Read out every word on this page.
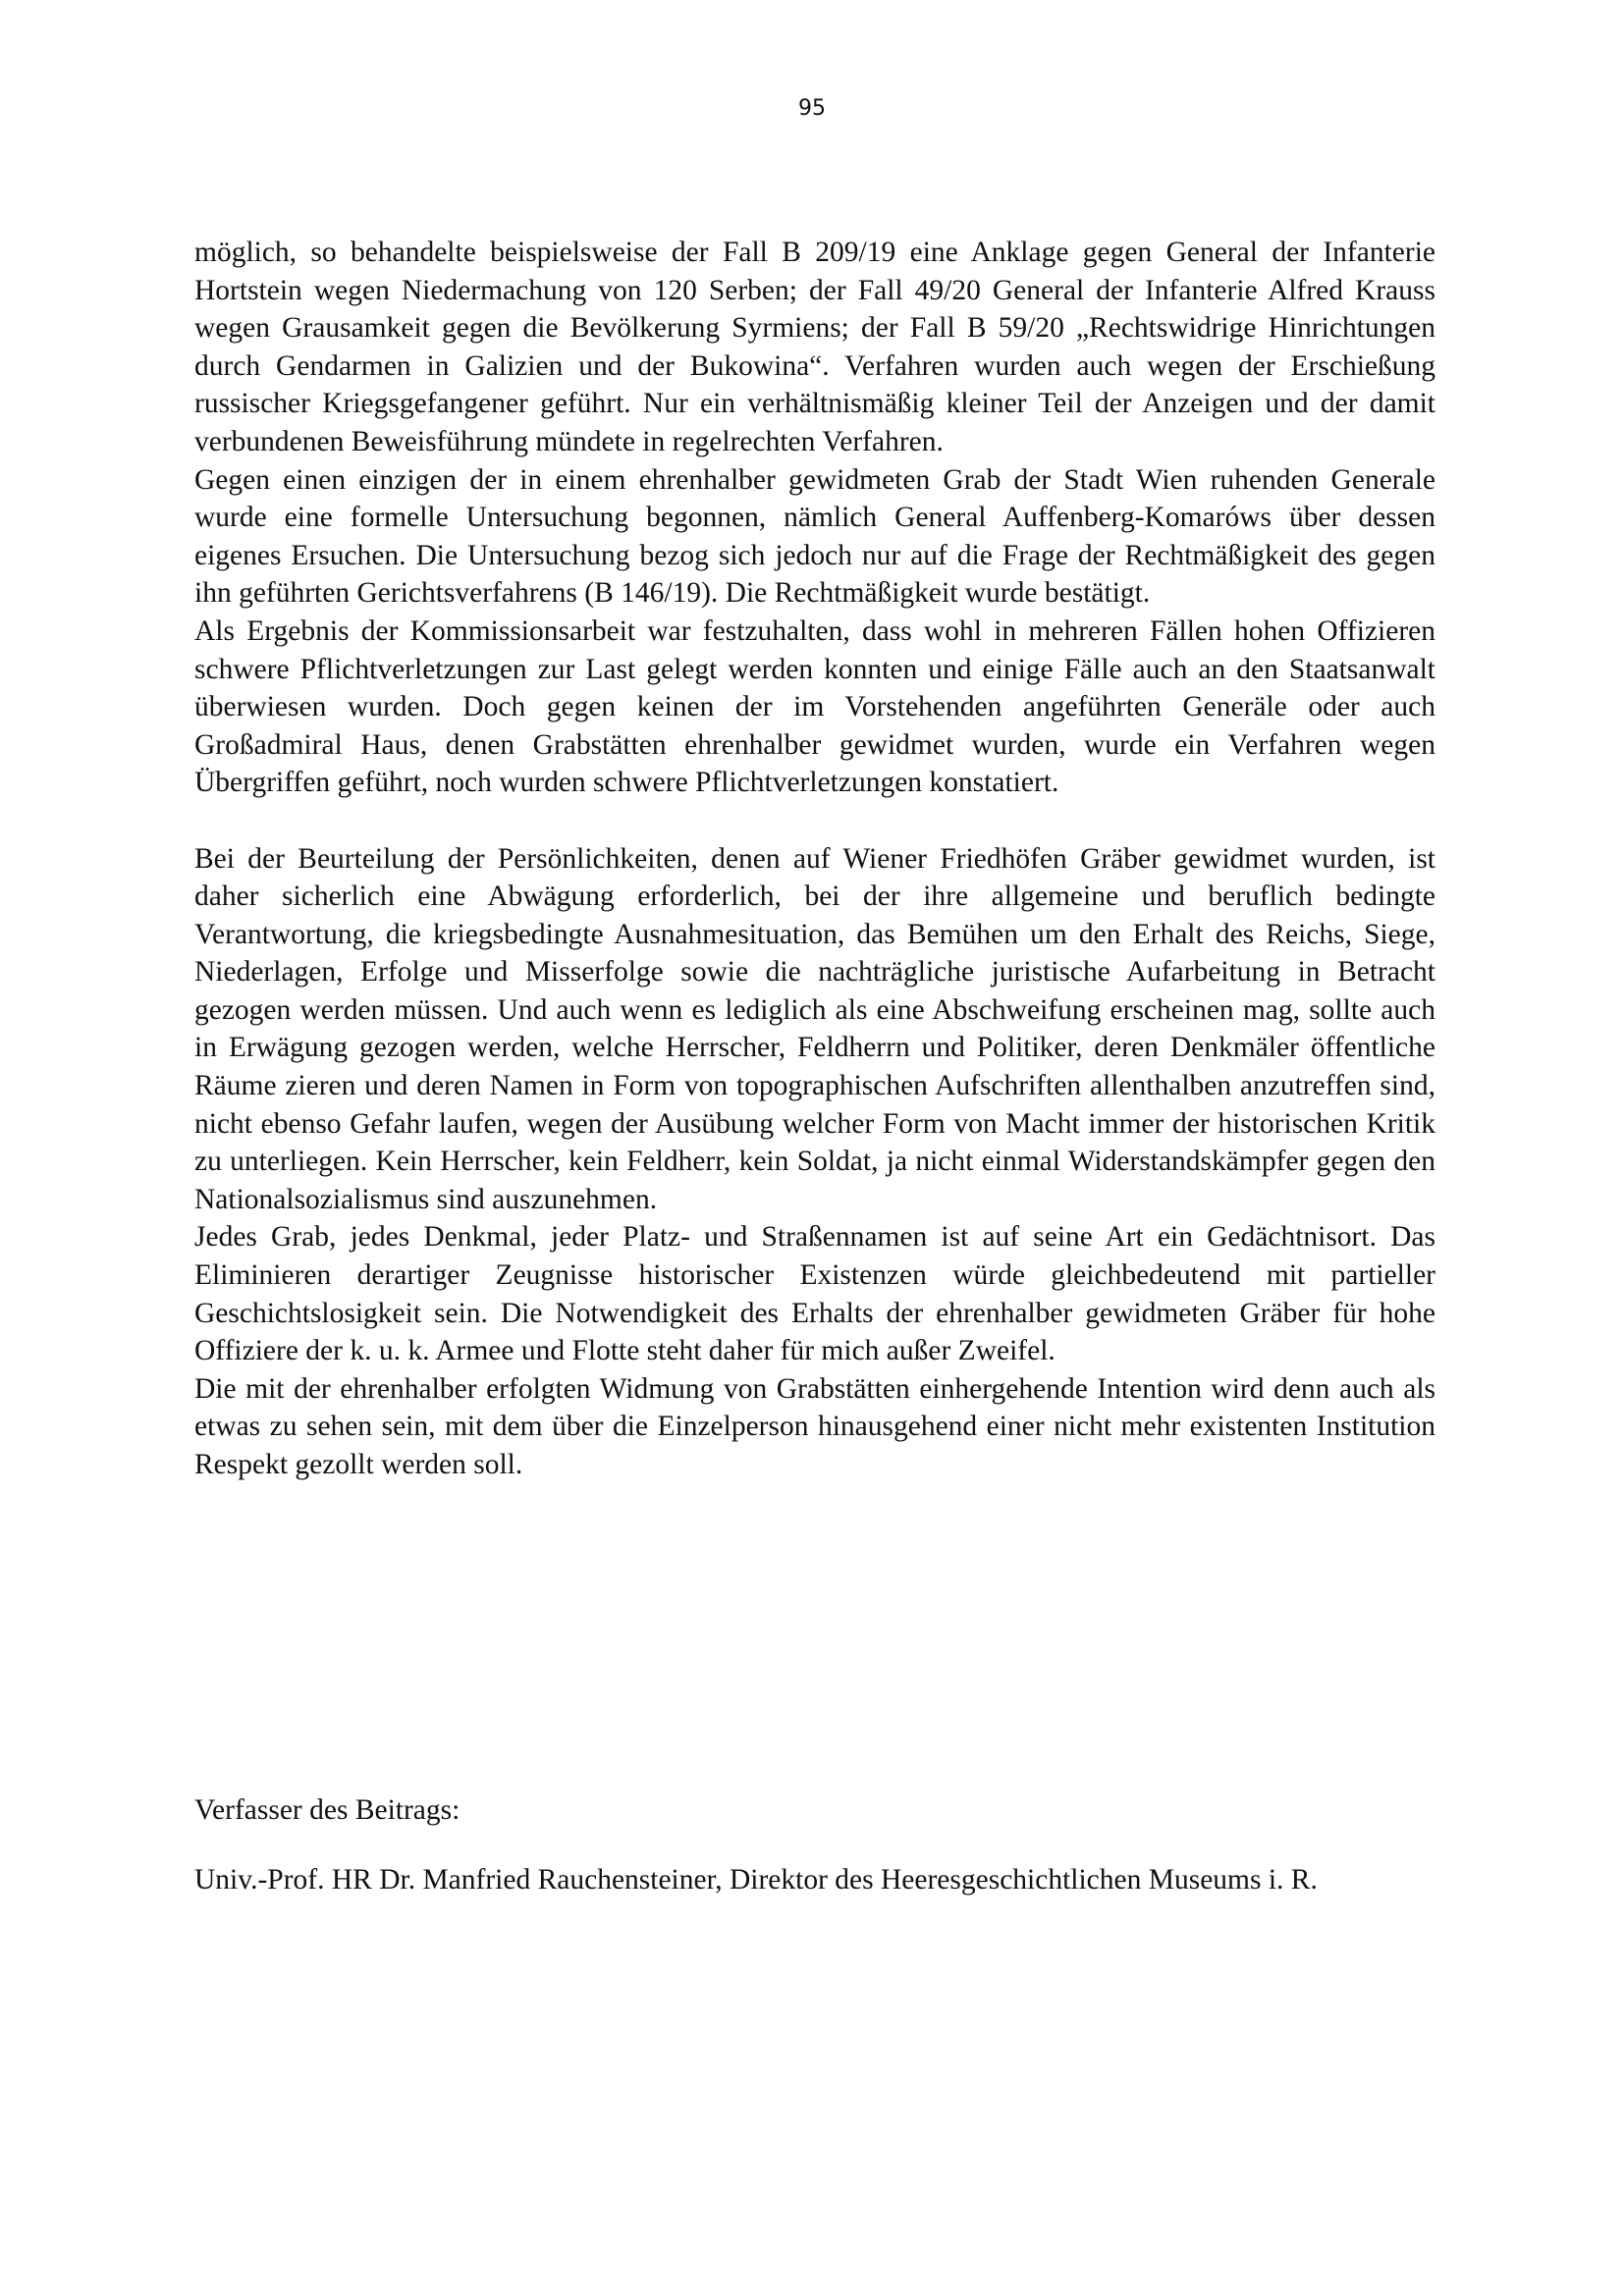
95

möglich, so behandelte beispielsweise der Fall B 209/19 eine Anklage gegen General der Infanterie Hortstein wegen Niedermachung von 120 Serben; der Fall 49/20 General der Infanterie Alfred Krauss wegen Grausamkeit gegen die Bevölkerung Syrmiens; der Fall B 59/20 „Rechtswidrige Hinrichtungen durch Gendarmen in Galizien und der Bukowina“. Verfahren wurden auch wegen der Erschießung russischer Kriegsgefangener geführt. Nur ein verhältnismäßig kleiner Teil der Anzeigen und der damit verbundenen Beweisführung mündete in regelrechten Verfahren.

Gegen einen einzigen der in einem ehrenhalber gewidmeten Grab der Stadt Wien ruhenden Generale wurde eine formelle Untersuchung begonnen, nämlich General Auffenberg-Komaróws über dessen eigenes Ersuchen. Die Untersuchung bezog sich jedoch nur auf die Frage der Rechtmäßigkeit des gegen ihn geführten Gerichtsverfahrens (B 146/19). Die Rechtmäßigkeit wurde bestätigt.

Als Ergebnis der Kommissionsarbeit war festzuhalten, dass wohl in mehreren Fällen hohen Offizieren schwere Pflichtverletzungen zur Last gelegt werden konnten und einige Fälle auch an den Staatsanwalt überwiesen wurden. Doch gegen keinen der im Vorstehenden angeführten Generäle oder auch Großadmiral Haus, denen Grabstätten ehrenhalber gewidmet wurden, wurde ein Verfahren wegen Übergriffen geführt, noch wurden schwere Pflichtverletzungen konstatiert.

Bei der Beurteilung der Persönlichkeiten, denen auf Wiener Friedhöfen Gräber gewidmet wurden, ist daher sicherlich eine Abwägung erforderlich, bei der ihre allgemeine und beruflich bedingte Verantwortung, die kriegsbedingte Ausnahmesituation, das Bemühen um den Erhalt des Reichs, Siege, Niederlagen, Erfolge und Misserfolge sowie die nachträgliche juristische Aufarbeitung in Betracht gezogen werden müssen. Und auch wenn es lediglich als eine Abschweifung erscheinen mag, sollte auch in Erwägung gezogen werden, welche Herrscher, Feldherrn und Politiker, deren Denkmäler öffentliche Räume zieren und deren Namen in Form von topographischen Aufschriften allenthalben anzutreffen sind, nicht ebenso Gefahr laufen, wegen der Ausübung welcher Form von Macht immer der historischen Kritik zu unterliegen. Kein Herrscher, kein Feldherr, kein Soldat, ja nicht einmal Widerstandskämpfer gegen den Nationalsozialismus sind auszunehmen.

Jedes Grab, jedes Denkmal, jeder Platz- und Straßennamen ist auf seine Art ein Gedächtnisort. Das Eliminieren derartiger Zeugnisse historischer Existenzen würde gleichbedeutend mit partieller Geschichtslosigkeit sein. Die Notwendigkeit des Erhalts der ehrenhalber gewidmeten Gräber für hohe Offiziere der k. u. k. Armee und Flotte steht daher für mich außer Zweifel.

Die mit der ehrenhalber erfolgten Widmung von Grabstätten einhergehende Intention wird denn auch als etwas zu sehen sein, mit dem über die Einzelperson hinausgehend einer nicht mehr existenten Institution Respekt gezollt werden soll.

Verfasser des Beitrags:

Univ.-Prof. HR Dr. Manfried Rauchensteiner, Direktor des Heeresgeschichtlichen Museums i. R.
